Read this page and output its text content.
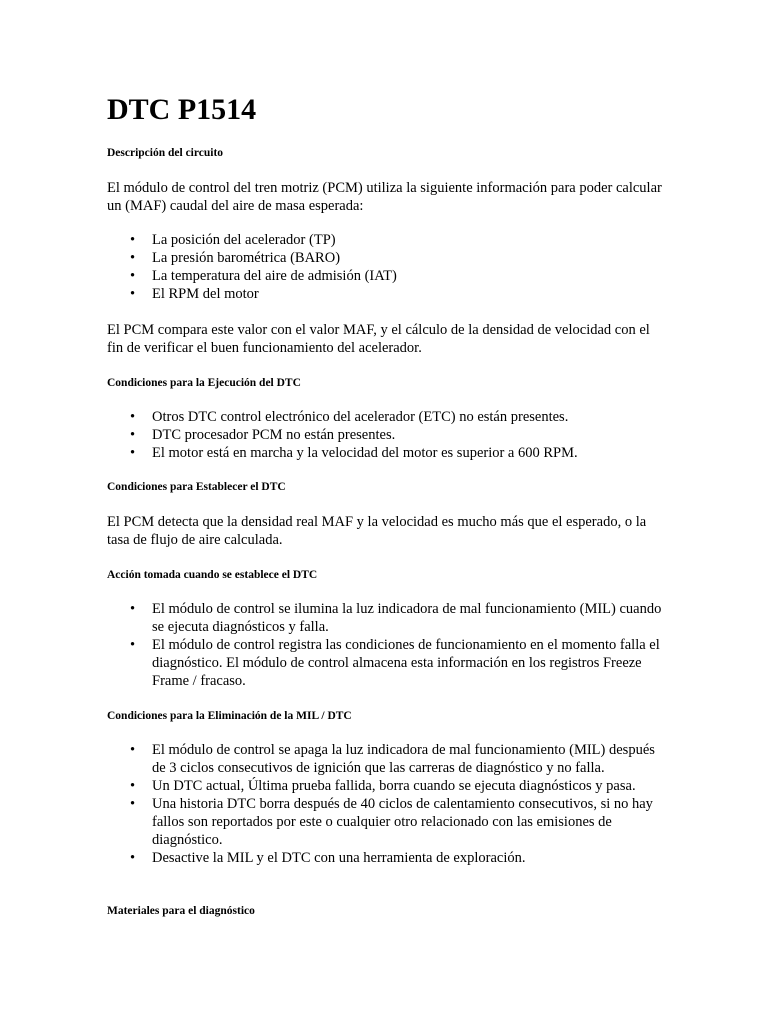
DTC P1514
Descripción del circuito

El módulo de control del tren motriz (PCM) utiliza la siguiente información para poder calcular un (MAF) caudal del aire de masa esperada:

• La posición del acelerador (TP)
• La presión barométrica (BARO)
• La temperatura del aire de admisión (IAT)
• El RPM del motor

El PCM compara este valor con el valor MAF, y el cálculo de la densidad de velocidad con el fin de verificar el buen funcionamiento del acelerador.

Condiciones para la Ejecución del DTC
• Otros DTC control electrónico del acelerador (ETC) no están presentes.
• DTC procesador PCM no están presentes.
• El motor está en marcha y la velocidad del motor es superior a 600 RPM.
Condiciones para Establecer el DTC

El PCM detecta que la densidad real MAF y la velocidad es mucho más que el esperado, o la tasa de flujo de aire calculada.

Acción tomada cuando se establece el DTC
• El módulo de control se ilumina la luz indicadora de mal funcionamiento (MIL) cuando se ejecuta diagnósticos y falla.
• El módulo de control registra las condiciones de funcionamiento en el momento falla el diagnóstico. El módulo de control almacena esta información en los registros Freeze Frame / fracaso.
Condiciones para la Eliminación de la MIL / DTC
• El módulo de control se apaga la luz indicadora de mal funcionamiento (MIL) después de 3 ciclos consecutivos de ignición que las carreras de diagnóstico y no falla.
• Un DTC actual, Última prueba fallida, borra cuando se ejecuta diagnósticos y pasa.
• Una historia DTC borra después de 40 ciclos de calentamiento consecutivos, si no hay fallos son reportados por este o cualquier otro relacionado con las emisiones de diagnóstico.
• Desactive la MIL y el DTC con una herramienta de exploración.
Materiales para el diagnóstico
